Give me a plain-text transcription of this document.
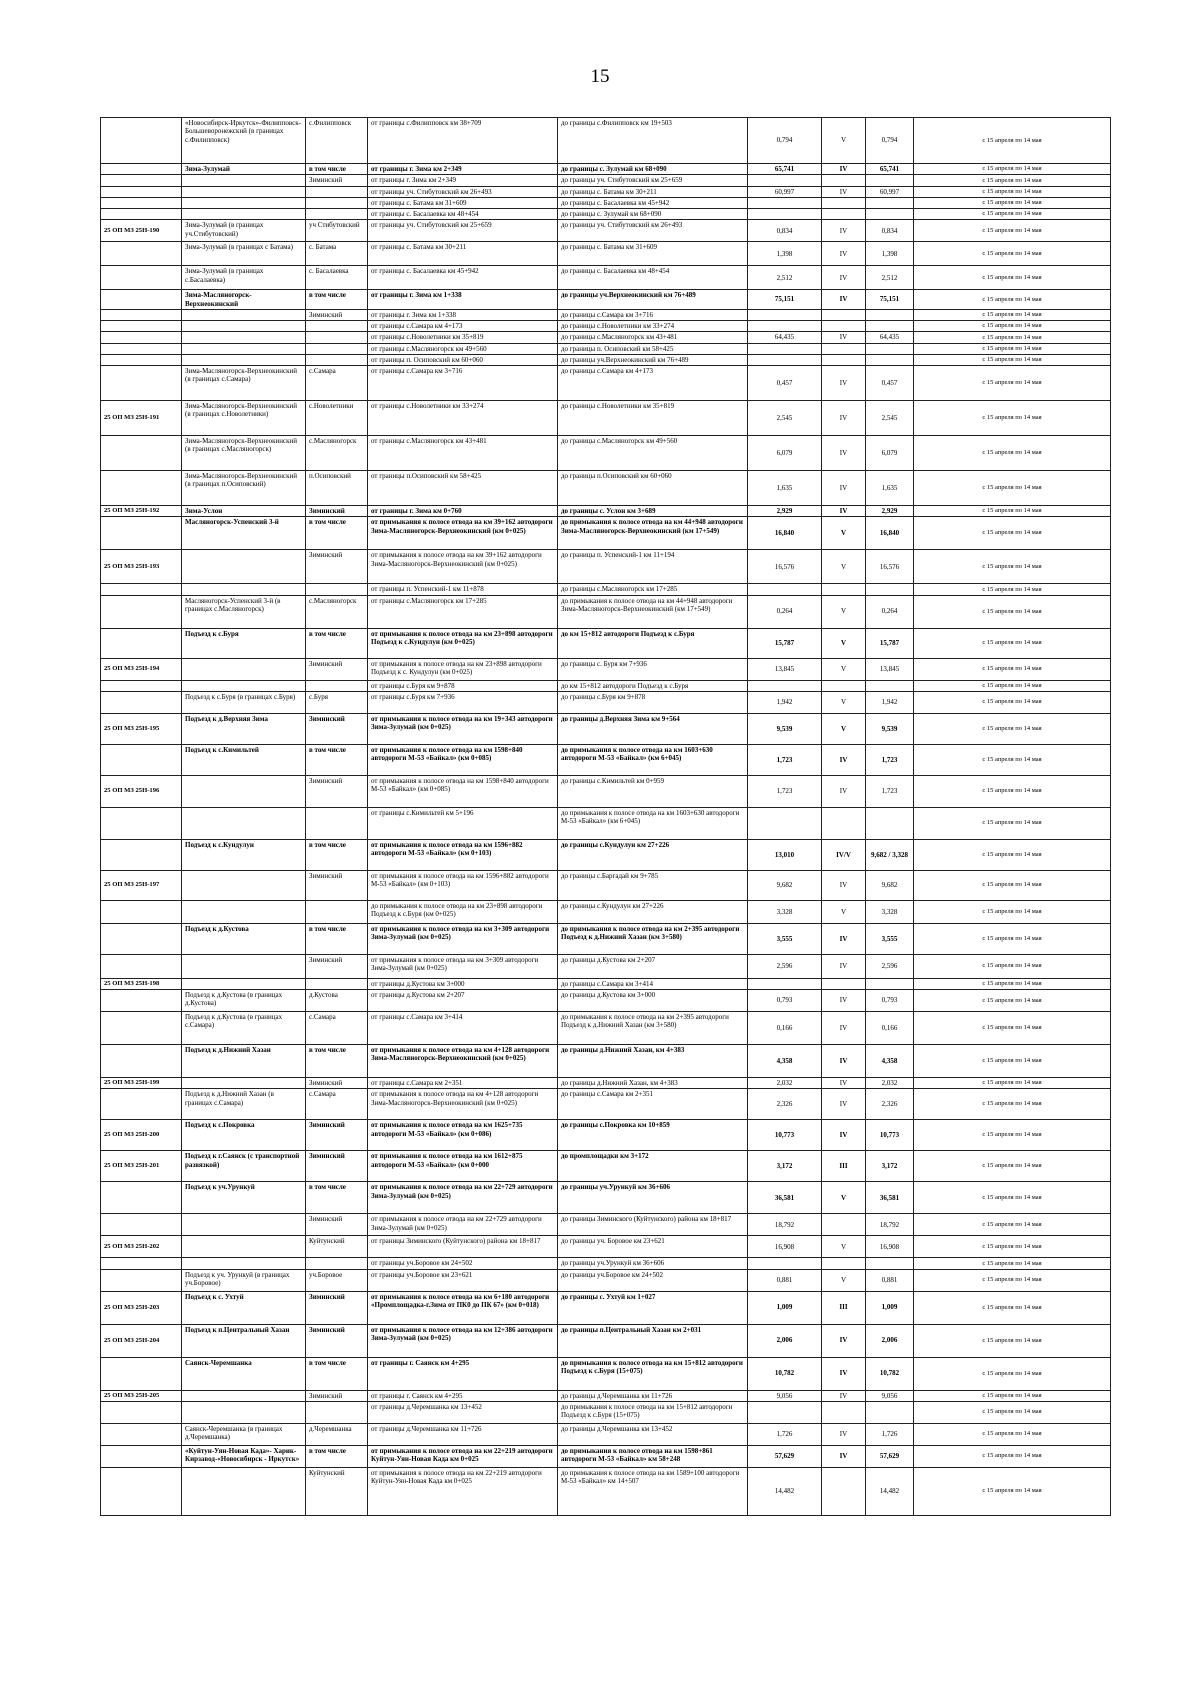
15
	«Новосибирск-Иркутск»-Филипповск-Большеворонежский (в границах с.Филипповск)	с.Филипповск	от границы с.Филипповск км 38+709	до границы с.Филипповск км 19+503	0,794	V	0,794	с 15 апреля по 14 мая
	Зима-Зулумай	в том числе	от границы г. Зима км 2+349	до границы с. Зулумай км 68+090	65,741	IV	65,741	с 15 апреля по 14 мая
		Зиминский	от границы г. Зима км 2+349	до границы уч. Стибутовский км 25+659				с 15 апреля по 14 мая
			от границы уч. Стибутовский км 26+493	до границы с. Батама км 30+211	60,997	IV	60,997	с 15 апреля по 14 мая
			от границы с. Батама км 31+609	до границы с. Басалаевка км 45+942				с 15 апреля по 14 мая
			от границы с. Басалаевка км 48+454	до границы с. Зулумай км 68+090				с 15 апреля по 14 мая
25 ОП МЗ 25Н-190	Зима-Зулумай (в границах уч.Стибутовский)	уч Стибутовский	от границы уч. Стибутовский км 25+659	до границы уч. Стибутовский км 26+493	0,834	IV	0,834	с 15 апреля по 14 мая
	Зима-Зулумай (в границах с Батама)	с. Батама	от границы с. Батама км 30+211	до границы с. Батама км 31+609	1,398	IV	1,398	с 15 апреля по 14 мая
	Зима-Зулумай (в границах с.Басалаевка)	с. Басалаевка	от границы с. Басалаевка км 45+942	до границы с. Басалаевка км 48+454	2,512	IV	2,512	с 15 апреля по 14 мая
	Зима-Масляногорск- Верхнеокинский	в том числе	от границы г. Зима км 1+338	до границы уч.Верхнеокинский км 76+489	75,151	IV	75,151	с 15 апреля по 14 мая
		Зиминский	от границы г. Зима км 1+338	до границы с.Самара км 3+716				с 15 апреля по 14 мая
			от границы с.Самара км 4+173	до границы с.Новолетники км 33+274				с 15 апреля по 14 мая
			от границы с.Новолетники км 35+819	до границы с.Масляногорск км 43+481	64,435	IV	64,435	с 15 апреля по 14 мая
			от границы с.Масляногорск км 49+560	до границы п. Осиповский км 58+425				с 15 апреля по 14 мая
			от границы п. Осиповский км 60+060	до границы уч.Верхнеокинский км 76+489				с 15 апреля по 14 мая
	Зима-Масляногорск-Верхнеокинский (в границах с.Самара)	с.Самара	от границы с.Самара км 3+716	до границы с.Самара км 4+173	0,457	IV	0,457	с 15 апреля по 14 мая
25 ОП МЗ 25Н-191	Зима-Масляногорск-Верхнеокинский (в границах с.Новолетники)	с.Новолетники	от границы с.Новолетники км 33+274	до границы с.Новолетники км 35+819	2,545	IV	2,545	с 15 апреля по 14 мая
	Зима-Масляногорск-Верхнеокинский (в границах с.Масляногорск)	с.Масляногорск	от границы с.Масляногорск км 43+481	до границы с.Масляногорск км 49+560	6,079	IV	6,079	с 15 апреля по 14 мая
	Зима-Масляногорск-Верхнеокинский (в границах п.Осиповский)	п.Осиповский	от границы п.Осиповский км 58+425	до границы п.Осиповский км 60+060	1,635	IV	1,635	с 15 апреля по 14 мая
25 ОП МЗ 25Н-192	Зима-Услон	Зиминский	от границы г. Зима км 0+760	до границы с. Услон км 3+689	2,929	IV	2,929	с 15 апреля по 14 мая
	Масляногорск-Успенский 3-й	в том числе	от примыкания к полосе отвода на км 39+162 автодороги Зима-Масляногорск-Верхнеокинский (км 0+025)	до примыкания к полосе отвода на км 44+948 автодороги Зима-Масляногорск-Верхнеокинский (км 17+549)	16,840	V	16,840	с 15 апреля по 14 мая
25 ОП МЗ 25Н-193		Зиминский	от примыкания к полосе отвода на км 39+162 автодороги Зима-Масляногорск-Верхнеокинский (км 0+025)	до границы п. Успенский-1 км 11+194	16,576	V	16,576	с 15 апреля по 14 мая
			от границы п. Успенский-1 км 11+878	до границы с.Масляногорск км 17+285				с 15 апреля по 14 мая
	Масляногорск-Успенский 3-й (в границах с.Масляногорск)	с.Масляногорск	от границы с.Масляногорск км 17+285	до примыкания к полосе отвода на км 44+948 автодороги Зима-Масляногорск-Верхнеокинский (км 17+549)	0,264	V	0,264	с 15 апреля по 14 мая
	Подъезд к с.Буря	в том числе	от примыкания к полосе отвода на км 23+898 автодороги Подъезд к с.Кундулун (км 0+025)	до км 15+812 автодороги Подъезд к с.Буря	15,787	V	15,787	с 15 апреля по 14 мая
25 ОП МЗ 25Н-194		Зиминский	от примыкания к полосе отвода на км 23+898 автодороги Подъезд к с. Кундулун (км 0+025)	до границы с. Буря км 7+936	13,845	V	13,845	с 15 апреля по 14 мая
			от границы с.Буря км 9+878	до км 15+812 автодороги Подъезд к с.Буря				с 15 апреля по 14 мая
	Подъезд к с.Буря (в границах с.Буря)	с.Буря	от границы с.Буря км 7+936	до границы с.Буря км 9+878	1,942	V	1,942	с 15 апреля по 14 мая
25 ОП МЗ 25Н-195	Подъезд к д.Верхняя Зима	Зиминский	от примыкания к полосе отвода на км 19+343 автодороги Зима-Зулумай (км 0+025)	до границы д.Верхняя Зима км 9+564	9,539	V	9,539	с 15 апреля по 14 мая
	Подъезд к с.Кимильтей	в том числе	от примыкания к полосе отвода на км 1598+840 автодороги М-53 «Байкал» (км 0+085)	до примыкания к полосе отвода на км 1603+630 автодороги М-53 «Байкал» (км 6+045)	1,723	IV	1,723	с 15 апреля по 14 мая
25 ОП МЗ 25Н-196		Зиминский	от примыкания к полосе отвода на км 1598+840 автодороги М-53 «Байкал» (км 0+085)	до границы с.Кимильтей км 0+959	1,723	IV	1,723	с 15 апреля по 14 мая
			от границы с.Кимильтей км 5+196	до примыкания к полосе отвода на км 1603+630 автодороги М-53 «Байкал» (км 6+045)				с 15 апреля по 14 мая
	Подъезд к с.Кундулун	в том числе	от примыкания к полосе отвода на км 1596+882 автодороги М-53 «Байкал» (км 0+103)	до границы с.Кундулун км 27+226	13,010	IV/V	9,682 / 3,328	с 15 апреля по 14 мая
25 ОП МЗ 25Н-197		Зиминский	от примыкания к полосе отвода на км 1596+882 автодороги М-53 «Байкал» (км 0+103)	до границы с.Баргадай км 9+785	9,682	IV	9,682	с 15 апреля по 14 мая
			до примыкания к полосе отвода на км 23+898 автодороги Подъезд к с.Буря (км 0+025)	до границы с.Кундулун км 27+226	3,328	V	3,328	с 15 апреля по 14 мая
	Подъезд к д.Кустова	в том числе	от примыкания к полосе отвода на км 3+309 автодороги Зима-Зулумай (км 0+025)	до примыкания к полосе отвода на км 2+395 автодороги Подъезд к д.Нижний Хазан (км 3+580)	3,555	IV	3,555	с 15 апреля по 14 мая
		Зиминский	от примыкания к полосе отвода на км 3+309 автодороги Зима-Зулумай (км 0+025)	до границы д.Кустова км 2+207	2,596	IV	2,596	с 15 апреля по 14 мая
25 ОП МЗ 25Н-198			от границы д.Кустова км 3+000	до границы с.Самара км 3+414				с 15 апреля по 14 мая
	Подъезд к д.Кустова (в границах д.Кустова)	д.Кустова	от границы д.Кустова км 2+207	до границы д.Кустова км 3+000	0,793	IV	0,793	с 15 апреля по 14 мая
	Подъезд к д.Кустова (в границах с.Самара)	с.Самара	от границы с.Самара км 3+414	до примыкания к полосе отвода на км 2+395 автодороги Подъезд к д.Нижний Хазан (км 3+580)	0,166	IV	0,166	с 15 апреля по 14 мая
	Подъезд к д.Нижний Хазан	в том числе	от примыкания к полосе отвода на км 4+128 автодороги Зима-Масляногорск-Верхнеокинский (км 0+025)	до границы д.Нижний Хазан, км 4+383	4,358	IV	4,358	с 15 апреля по 14 мая
25 ОП МЗ 25Н-199		Зиминский	от границы с.Самара км 2+351	до границы д.Нижний Хазан, км 4+383	2,032	IV	2,032	с 15 апреля по 14 мая
	Подъезд к д.Нижний Хазан (в границах с.Самара)	с.Самара	от примыкания к полосе отвода на км 4+128 автодороги Зима-Масляногорск-Верхнеокинский (км 0+025)	до границы с.Самара км 2+351	2,326	IV	2,326	с 15 апреля по 14 мая
25 ОП МЗ 25Н-200	Подъезд к с.Покровка	Зиминский	от примыкания к полосе отвода на км 1625+735 автодороги М-53 «Байкал» (км 0+086)	до границы с.Покровка км 10+859	10,773	IV	10,773	с 15 апреля по 14 мая
25 ОП МЗ 25Н-201	Подъезд к г.Саянск (с транспортной развязкой)	Зиминский	от примыкания к полосе отвода на км 1612+875 автодороги М-53 «Байкал» (км 0+000	до промплощадки км 3+172	3,172	III	3,172	с 15 апреля по 14 мая
	Подъезд к уч.Урункуй	в том числе	от примыкания к полосе отвода на км 22+729 автодороги Зима-Зулумай (км 0+025)	до границы уч.Урункуй км 36+606	36,581	V	36,581	с 15 апреля по 14 мая
		Зиминский	от примыкания к полосе отвода на км 22+729 автодороги Зима-Зулумай (км 0+025)	до границы Зиминского (Куйтунского) района км 18+817	18,792		18,792	с 15 апреля по 14 мая
25 ОП МЗ 25Н-202		Куйтунский	от границы Зиминского (Куйтунского) района км 18+817	до границы уч. Боровое км 23+621	16,908	V	16,908	с 15 апреля по 14 мая
			от границы уч.Боровое км 24+502	до границы уч.Урункуй км 36+606				с 15 апреля по 14 мая
	Подъезд к уч. Урункуй (в границах уч.Боровое)	уч.Боровое	от границы уч.Боровое км 23+621	до границы уч.Боровое км 24+502	0,881	V	0,881	с 15 апреля по 14 мая
25 ОП МЗ 25Н-203	Подъезд к с. Ухтуй	Зиминский	от примыкания к полосе отвода на км 6+180 автодороги «Промплощадка-г.Зима от ПК0 до ПК 67» (км 0+018)	до границы с. Ухтуй км 1+027	1,009	III	1,009	с 15 апреля по 14 мая
25 ОП МЗ 25Н-204	Подъезд к п.Центральный Хазан	Зиминский	от примыкания к полосе отвода на км 12+386 автодороги Зима-Зулумай (км 0+025)	до границы п.Центральный Хазан км 2+031	2,006	IV	2,006	с 15 апреля по 14 мая
	Саянск-Черемшанка	в том числе	от границы г. Саянск км 4+295	до примыкания к полосе отвода на км 15+812 автодороги Подъезд к с.Буря (15+075)	10,782	IV	10,782	с 15 апреля по 14 мая
25 ОП МЗ 25Н-205		Зиминский	от границы г. Саянск км 4+295	до границы д.Черемшанка км 11+726	9,056	IV	9,056	с 15 апреля по 14 мая
			от границы д.Черемшанка км 13+452	до примыкания к полосе отвода на км 15+812 автодороги Подъезд к с.Буря (15+075)				с 15 апреля по 14 мая
	Саянск-Черемшанка (в границах д.Черемшанка)	д.Черемшанка	от границы д.Черемшанка км 11+726	до границы д.Черемшанка км 13+452	1,726	IV	1,726	с 15 апреля по 14 мая
	«Куйтун-Уян-Новая Када»- Харик-Кирзавод-«Новосибирск - Иркутск»	в том числе	от примыкания к полосе отвода на км 22+219 автодороги Куйтун-Уян-Новая Када км 0+025	до примыкания к полосе отвода на км 1598+861 автодороги М-53 «Байкал» км 58+248	57,629	IV	57,629	с 15 апреля по 14 мая
		Куйтунский	от примыкания к полосе отвода на км 22+219 автодороги Куйтун-Уян-Новая Када км 0+025	до примыкания к полосе отвода на км 1589+100 автодороги М-53 «Байкал» км 14+507	14,482		14,482	с 15 апреля по 14 мая
